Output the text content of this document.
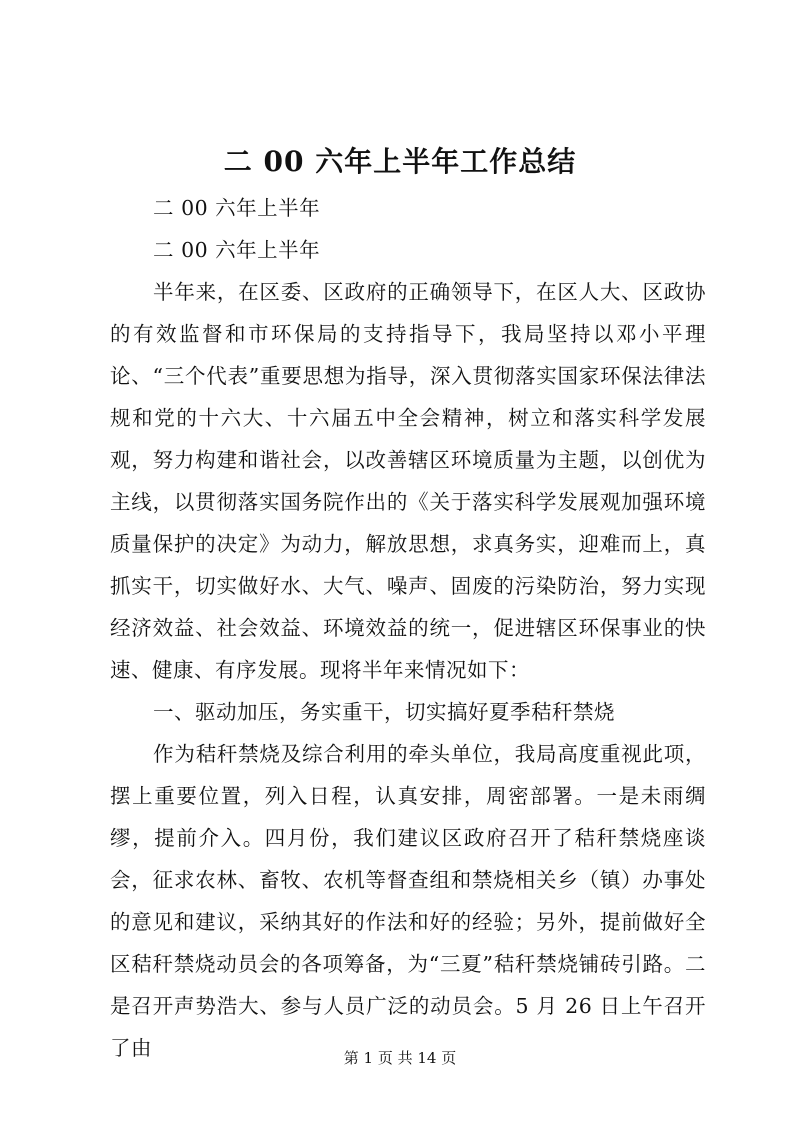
二 00 六年上半年工作总结

二 00 六年上半年

二 00 六年上半年

半年来，在区委、区政府的正确领导下，在区人大、区政协的有效监督和市环保局的支持指导下，我局坚持以邓小平理论、“三个代表”重要思想为指导，深入贯彻落实国家环保法律法规和党的十六大、十六届五中全会精神，树立和落实科学发展观，努力构建和谐社会，以改善辖区环境质量为主题，以创优为主线，以贯彻落实国务院作出的《关于落实科学发展观加强环境质量保护的决定》为动力，解放思想，求真务实，迎难而上，真抓实干，切实做好水、大气、噪声、固废的污染防治，努力实现经济效益、社会效益、环境效益的统一，促进辖区环保事业的快速、健康、有序发展。现将半年来情况如下：

一、驱动加压，务实重干，切实搞好夏季秸秆禁烧

作为秸秆禁烧及综合利用的牵头单位，我局高度重视此项，摆上重要位置，列入日程，认真安排，周密部署。一是未雨绸缪，提前介入。四月份，我们建议区政府召开了秸秆禁烧座谈会，征求农林、畜牧、农机等督查组和禁烧相关乡（镇）办事处的意见和建议，采纳其好的作法和好的经验；另外，提前做好全区秸秆禁烧动员会的各项筹备，为“三夏”秸秆禁烧铺砖引路。二是召开声势浩大、参与人员广泛的动员会。5 月 26 日上午召开了由	第 1 页 共 14 页
